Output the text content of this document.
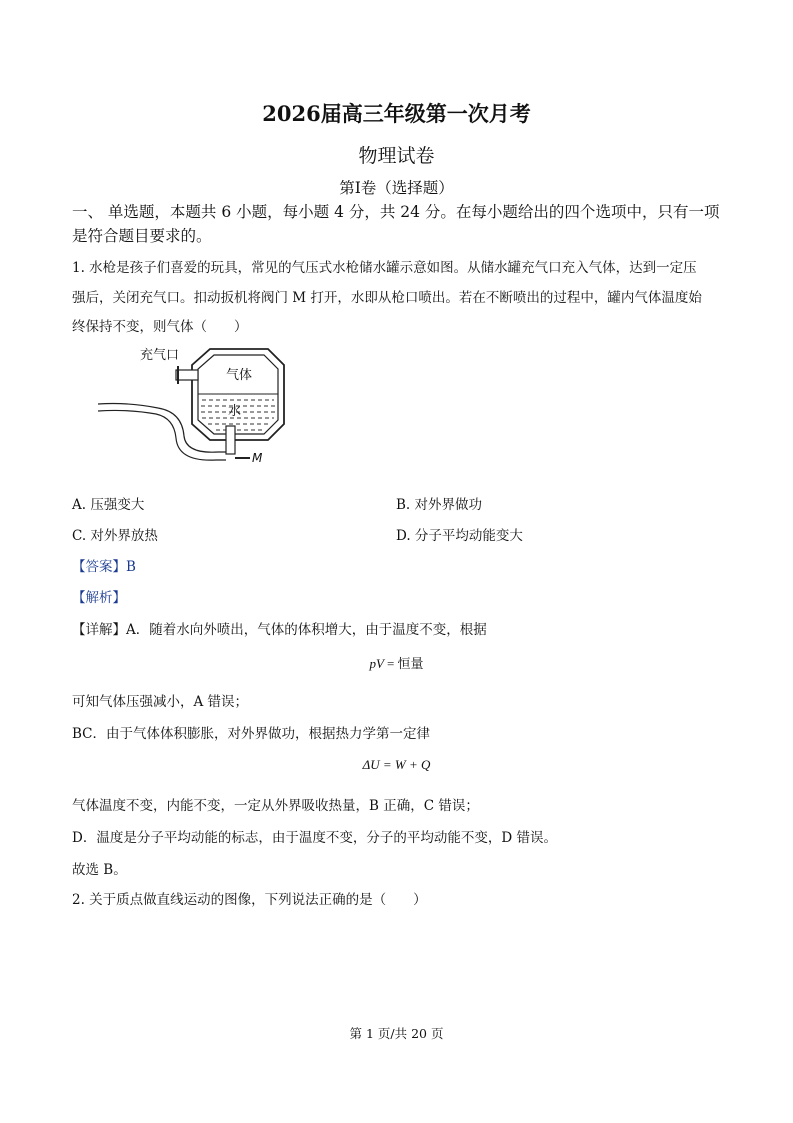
2026届高三年级第一次月考
物理试卷
第Ⅰ卷（选择题）
一、 单选题，本题共 6 小题，每小题 4 分，共 24 分。在每小题给出的四个选项中，只有一项
是符合题目要求的。
1. 水枪是孩子们喜爱的玩具，常见的气压式水枪储水罐示意如图。从储水罐充气口充入气体，达到一定压
强后，关闭充气口。扣动扳机将阀门 M 打开，水即从枪口喷出。若在不断喷出的过程中，罐内气体温度始
终保持不变，则气体（　　）
充气口
气体
水
M
A. 压强变大	B. 对外界做功
C. 对外界放热	D. 分子平均动能变大
【答案】B
【解析】
【详解】A．随着水向外喷出，气体的体积增大，由于温度不变，根据
pV = 恒量
可知气体压强减小，A 错误；
BC．由于气体体积膨胀，对外界做功，根据热力学第一定律
ΔU = W + Q
气体温度不变，内能不变，一定从外界吸收热量，B 正确，C 错误；
D．温度是分子平均动能的标志，由于温度不变，分子的平均动能不变，D 错误。
故选 B。
2. 关于质点做直线运动的图像，下列说法正确的是（　　）
第 1 页/共 20 页
